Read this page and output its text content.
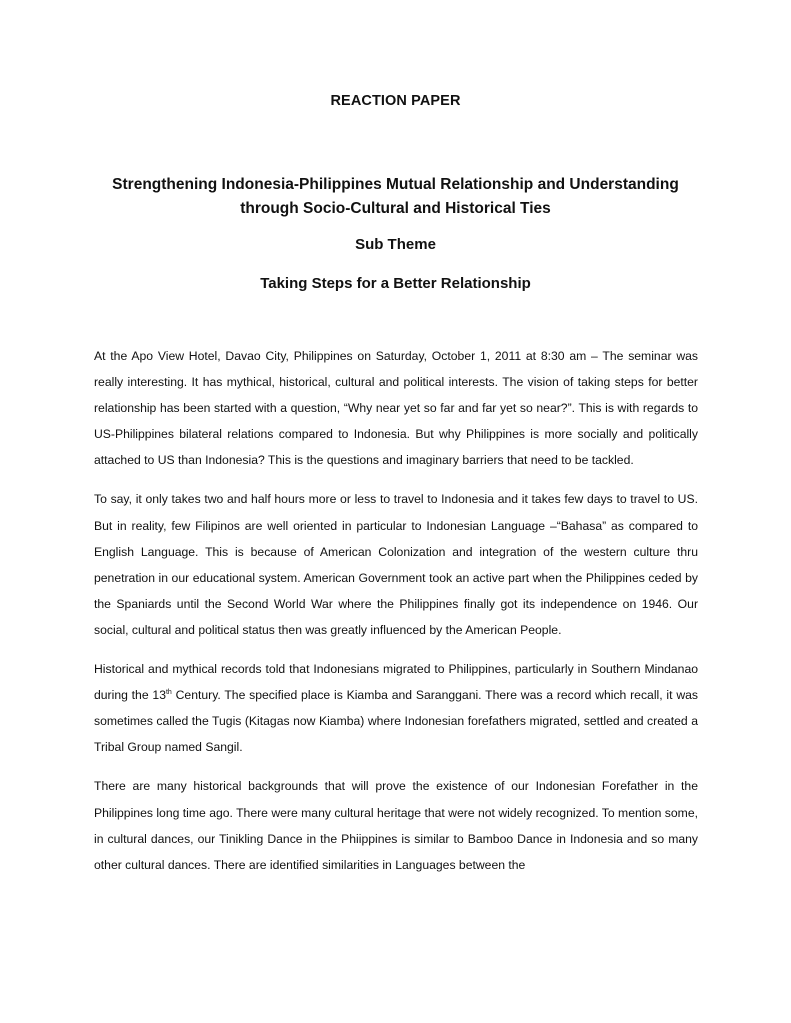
REACTION PAPER
Strengthening Indonesia-Philippines Mutual Relationship and Understanding
through Socio-Cultural and Historical Ties
Sub Theme
Taking Steps for a Better Relationship

At the Apo View Hotel, Davao City, Philippines on Saturday, October 1, 2011 at 8:30 am – The seminar was really interesting. It has mythical, historical, cultural and political interests. The vision of taking steps for better relationship has been started with a question, “Why near yet so far and far yet so near?”. This is with regards to US-Philippines bilateral relations compared to Indonesia. But why Philippines is more socially and politically attached to US than Indonesia? This is the questions and imaginary barriers that need to be tackled.

To say, it only takes two and half hours more or less to travel to Indonesia and it takes few days to travel to US. But in reality, few Filipinos are well oriented in particular to Indonesian Language –“Bahasa” as compared to English Language. This is because of American Colonization and integration of the western culture thru penetration in our educational system. American Government took an active part when the Philippines ceded by the Spaniards until the Second World War where the Philippines finally got its independence on 1946. Our social, cultural and political status then was greatly influenced by the American People.

Historical and mythical records told that Indonesians migrated to Philippines, particularly in Southern Mindanao during the 13th Century. The specified place is Kiamba and Saranggani. There was a record which recall, it was sometimes called the Tugis (Kitagas now Kiamba) where Indonesian forefathers migrated, settled and created a Tribal Group named Sangil.

There are many historical backgrounds that will prove the existence of our Indonesian Forefather in the Philippines long time ago. There were many cultural heritage that were not widely recognized. To mention some, in cultural dances, our Tinikling Dance in the Phiippines is similar to Bamboo Dance in Indonesia and so many other cultural dances. There are identified similarities in Languages between the
